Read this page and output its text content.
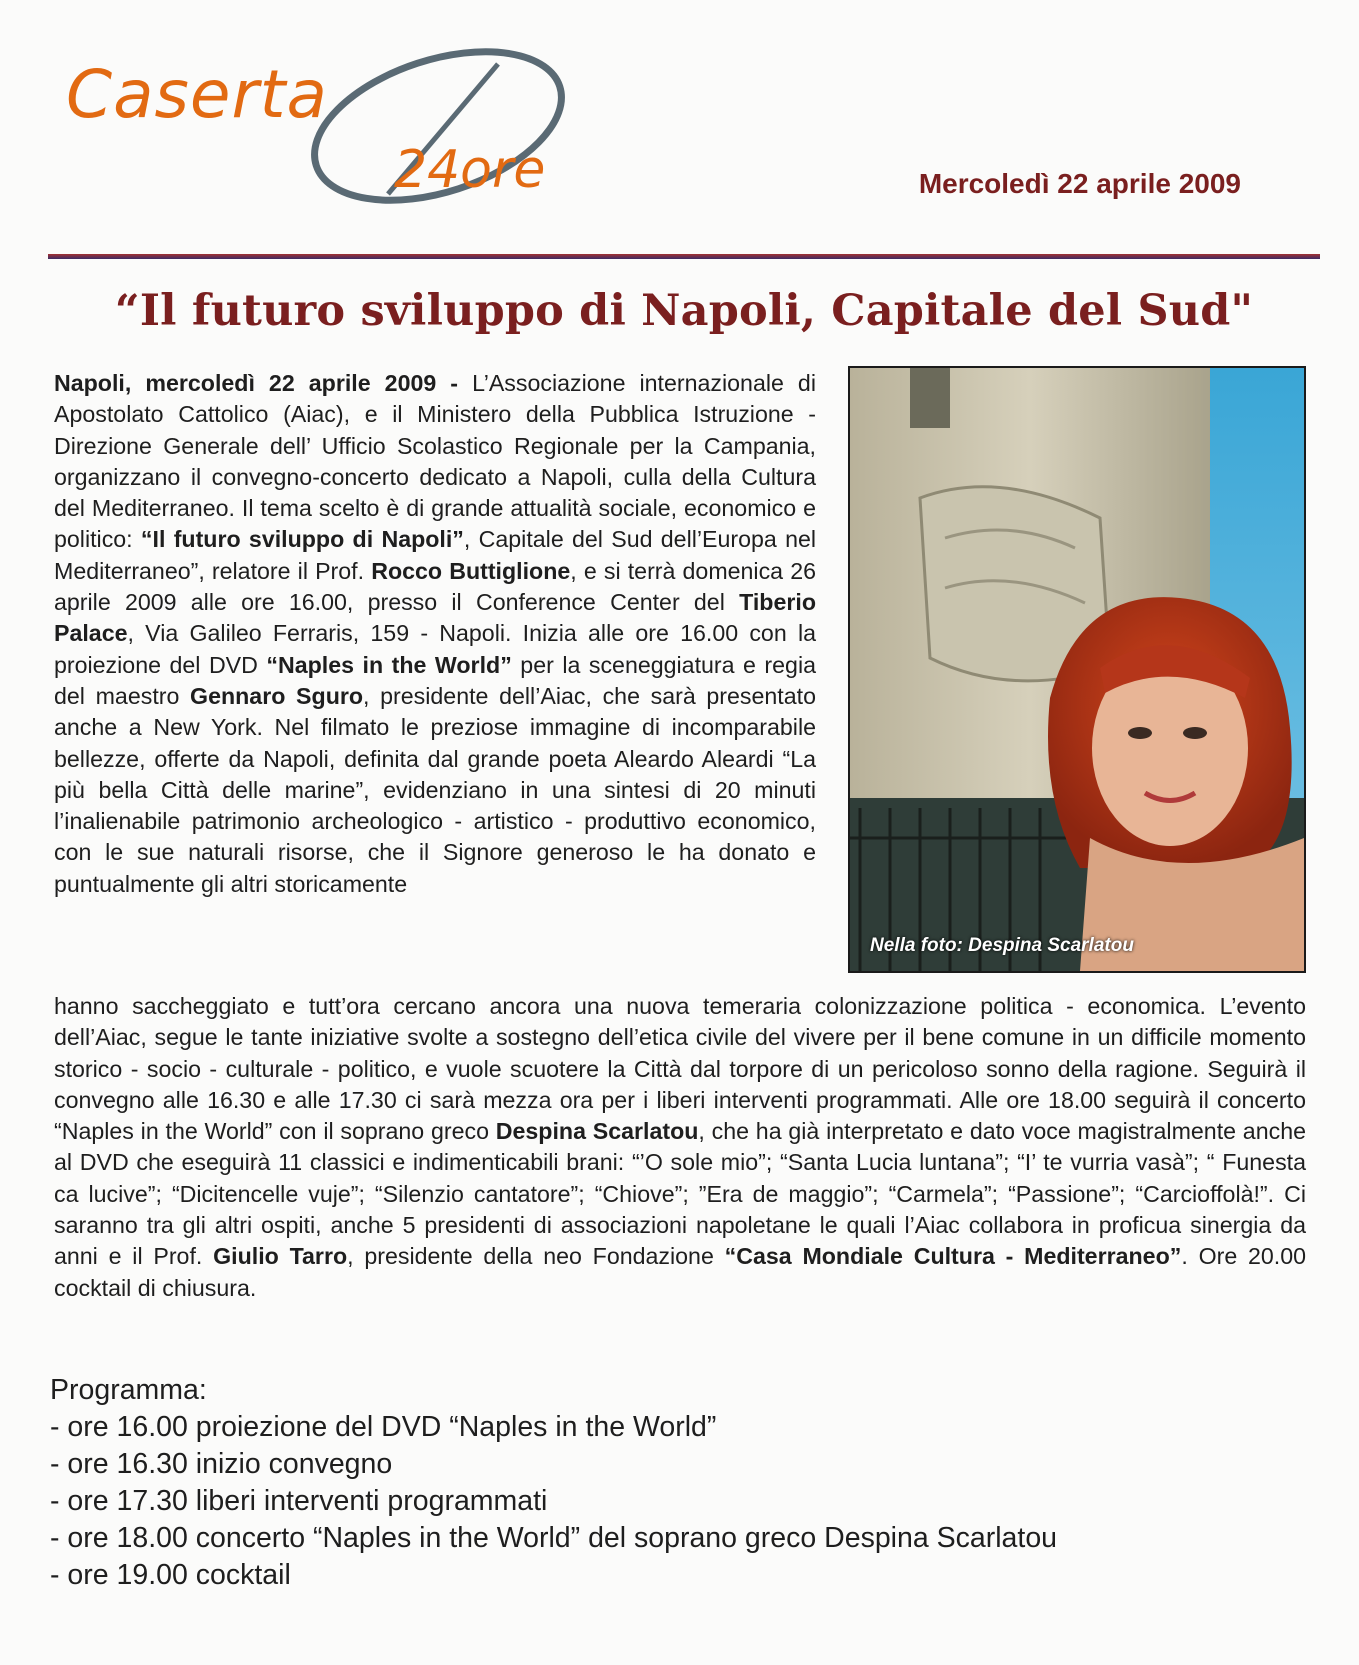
Caserta
24ore	Mercoledì 22 aprile 2009
“Il futuro sviluppo di Napoli, Capitale del Sud"
Napoli, mercoledì 22 aprile 2009 - L’Associazione internazionale di Apostolato Cattolico (Aiac), e il Ministero della Pubblica Istruzione - Direzione Generale dell’ Ufficio Scolastico Regionale per la Campania, organizzano il convegno-concerto dedicato a Napoli, culla della Cultura del Mediterraneo. Il tema scelto è di grande attualità sociale, economico e politico: “Il futuro sviluppo di Napoli”, Capitale del Sud dell’Europa nel Mediterraneo”, relatore il Prof. Rocco Buttiglione, e si terrà domenica 26 aprile 2009 alle ore 16.00, presso il Conference Center del Tiberio Palace, Via Galileo Ferraris, 159 - Napoli. Inizia alle ore 16.00 con la proiezione del DVD “Naples in the World” per la sceneggiatura e regia del maestro Gennaro Sguro, presidente dell’Aiac, che sarà presentato anche a New York. Nel filmato le preziose immagine di incomparabile bellezze, offerte da Napoli, definita dal grande poeta Aleardo Aleardi “La più bella Città delle marine”, evidenziano in una sintesi di 20 minuti l’inalienabile patrimonio archeologico - artistico - produttivo economico, con le sue naturali risorse, che il Signore generoso le ha donato e puntualmente gli altri storicamente
Nella foto: Despina Scarlatou
hanno saccheggiato e tutt’ora cercano ancora una nuova temeraria colonizzazione politica - economica. L’evento dell’Aiac, segue le tante iniziative svolte a sostegno dell’etica civile del vivere per il bene comune in un difficile momento storico - socio - culturale - politico, e vuole scuotere la Città dal torpore di un pericoloso sonno della ragione. Seguirà il convegno alle 16.30 e alle 17.30 ci sarà mezza ora per i liberi interventi programmati. Alle ore 18.00 seguirà il concerto “Naples in the World” con il soprano greco Despina Scarlatou, che ha già interpretato e dato voce magistralmente anche al DVD che eseguirà 11 classici e indimenticabili brani: “’O sole mio”; “Santa Lucia luntana”; “I’ te vurria vasà”; “ Funesta ca lucive”; “Dicitencelle vuje”; “Silenzio cantatore”; “Chiove”; ”Era de maggio”; “Carmela”; “Passione”; “Carcioffolà!”. Ci saranno tra gli altri ospiti, anche 5 presidenti di associazioni napoletane le quali l’Aiac collabora in proficua sinergia da anni e il Prof. Giulio Tarro, presidente della neo Fondazione “Casa Mondiale Cultura - Mediterraneo”. Ore 20.00 cocktail di chiusura.
Programma:
- ore 16.00 proiezione del DVD “Naples in the World”
- ore 16.30 inizio convegno
- ore 17.30 liberi interventi programmati
- ore 18.00 concerto “Naples in the World” del soprano greco Despina Scarlatou
- ore 19.00 cocktail
